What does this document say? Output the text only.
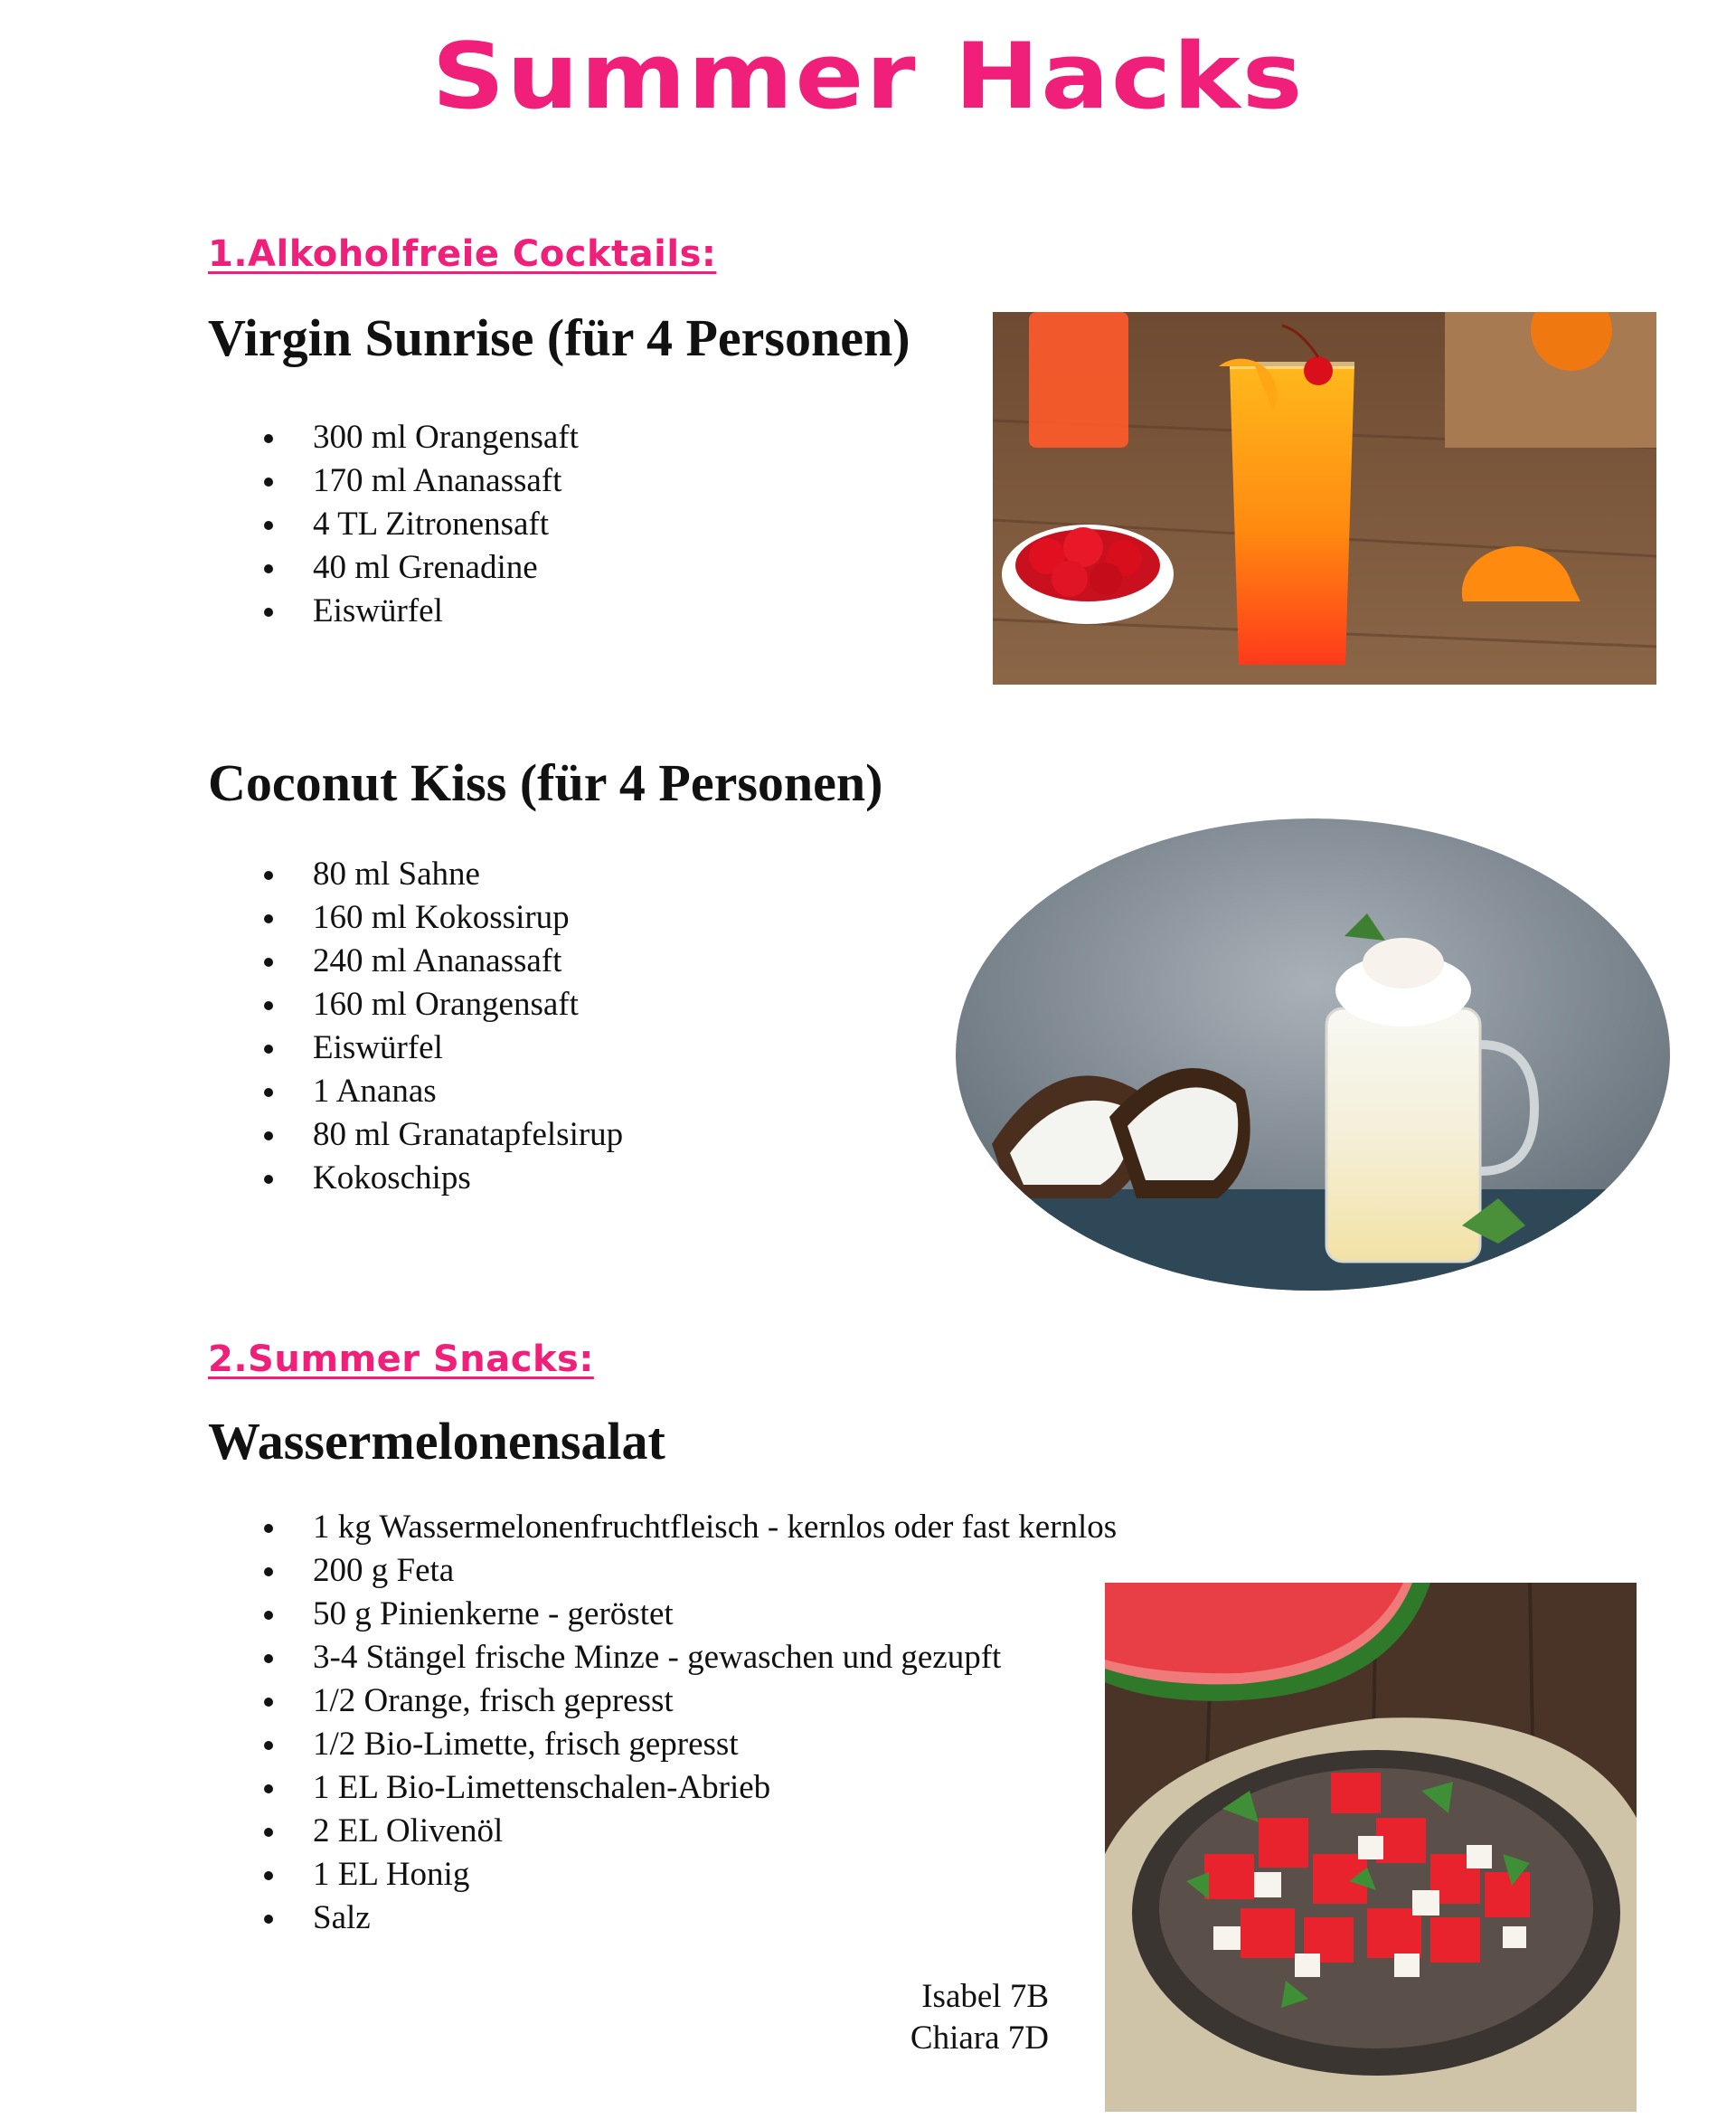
Summer Hacks
1.Alkoholfreie Cocktails:
Virgin Sunrise (für 4 Personen)
300 ml Orangensaft
170 ml Ananassaft
4 TL Zitronensaft
40 ml Grenadine
Eiswürfel
Coconut Kiss (für 4 Personen)
80 ml Sahne
160 ml Kokossirup
240 ml Ananassaft
160 ml Orangensaft
Eiswürfel
1 Ananas
80 ml Granatapfelsirup
Kokoschips
2.Summer Snacks:
Wassermelonensalat
1 kg Wassermelonenfruchtfleisch - kernlos oder fast kernlos
200 g Feta
50 g Pinienkerne - geröstet
3-4 Stängel frische Minze - gewaschen und gezupft
1/2 Orange, frisch gepresst
1/2 Bio-Limette, frisch gepresst
1 EL Bio-Limettenschalen-Abrieb
2 EL Olivenöl
1 EL Honig
Salz
Isabel 7B
Chiara 7D
